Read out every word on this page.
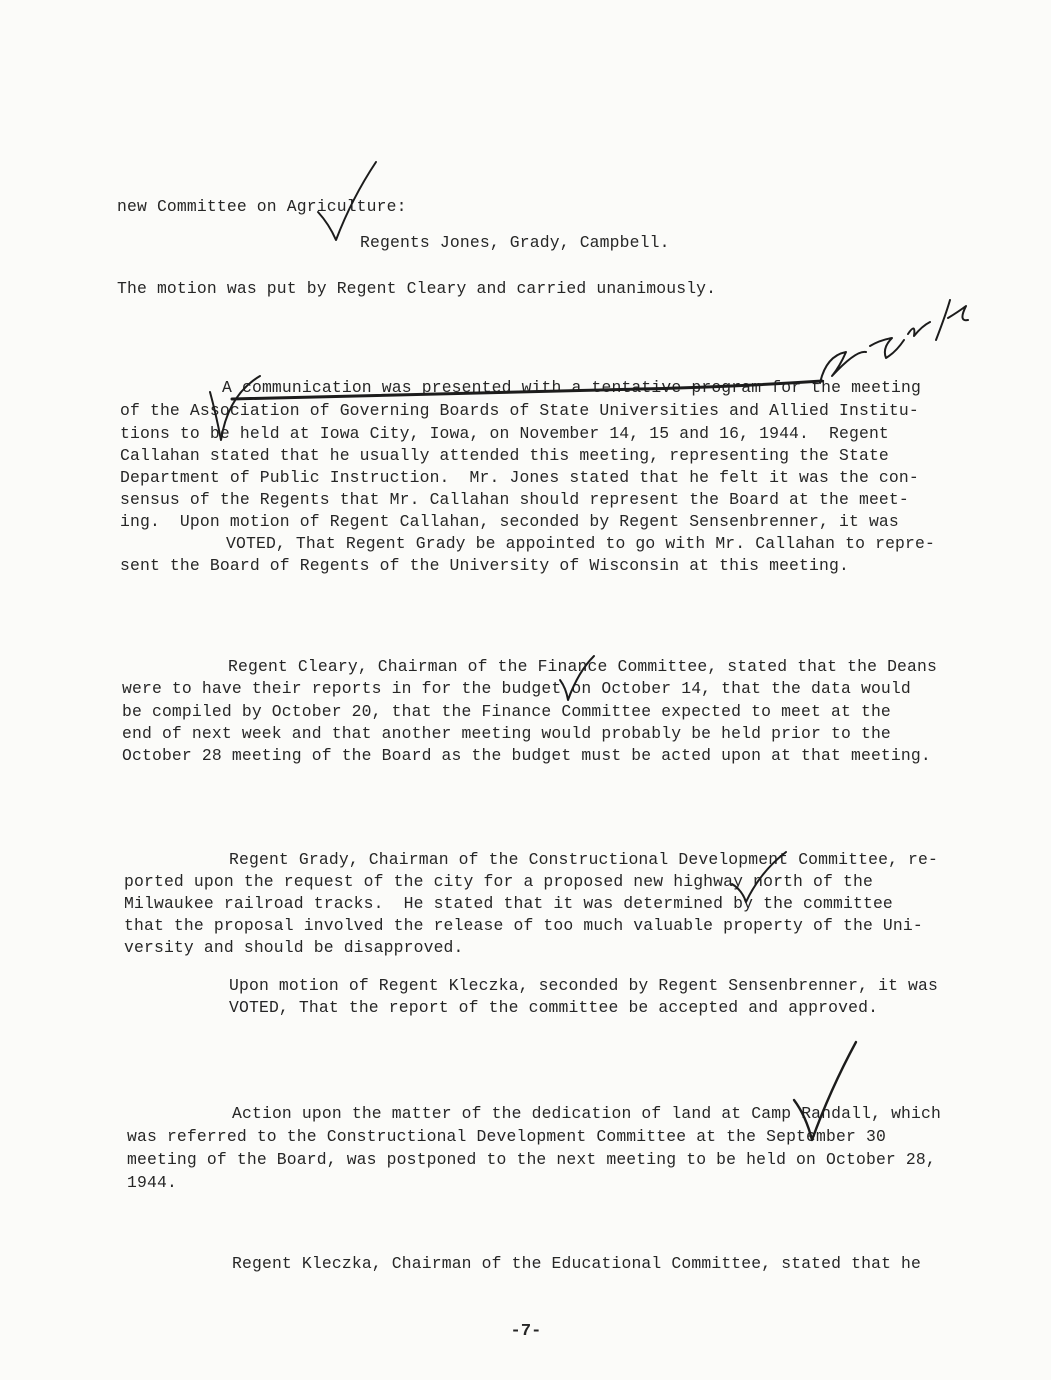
new Committee on Agriculture:

Regents Jones, Grady, Campbell.

The motion was put by Regent Cleary and carried unanimously.

A communication was presented with a tentative program for the meeting

of the Association of Governing Boards of State Universities and Allied Institu-

tions to be held at Iowa City, Iowa, on November 14, 15 and 16, 1944.  Regent

Callahan stated that he usually attended this meeting, representing the State

Department of Public Instruction.  Mr. Jones stated that he felt it was the con-

sensus of the Regents that Mr. Callahan should represent the Board at the meet-

ing.  Upon motion of Regent Callahan, seconded by Regent Sensenbrenner, it was

VOTED, That Regent Grady be appointed to go with Mr. Callahan to repre-

sent the Board of Regents of the University of Wisconsin at this meeting.

Regent Cleary, Chairman of the Finance Committee, stated that the Deans

were to have their reports in for the budget on October 14, that the data would

be compiled by October 20, that the Finance Committee expected to meet at the

end of next week and that another meeting would probably be held prior to the

October 28 meeting of the Board as the budget must be acted upon at that meeting.

Regent Grady, Chairman of the Constructional Development Committee, re-

ported upon the request of the city for a proposed new highway north of the

Milwaukee railroad tracks.  He stated that it was determined by the committee

that the proposal involved the release of too much valuable property of the Uni-

versity and should be disapproved.

Upon motion of Regent Kleczka, seconded by Regent Sensenbrenner, it was

VOTED, That the report of the committee be accepted and approved.

Action upon the matter of the dedication of land at Camp Randall, which

was referred to the Constructional Development Committee at the September 30

meeting of the Board, was postponed to the next meeting to be held on October 28,

1944.

Regent Kleczka, Chairman of the Educational Committee, stated that he

-7-
